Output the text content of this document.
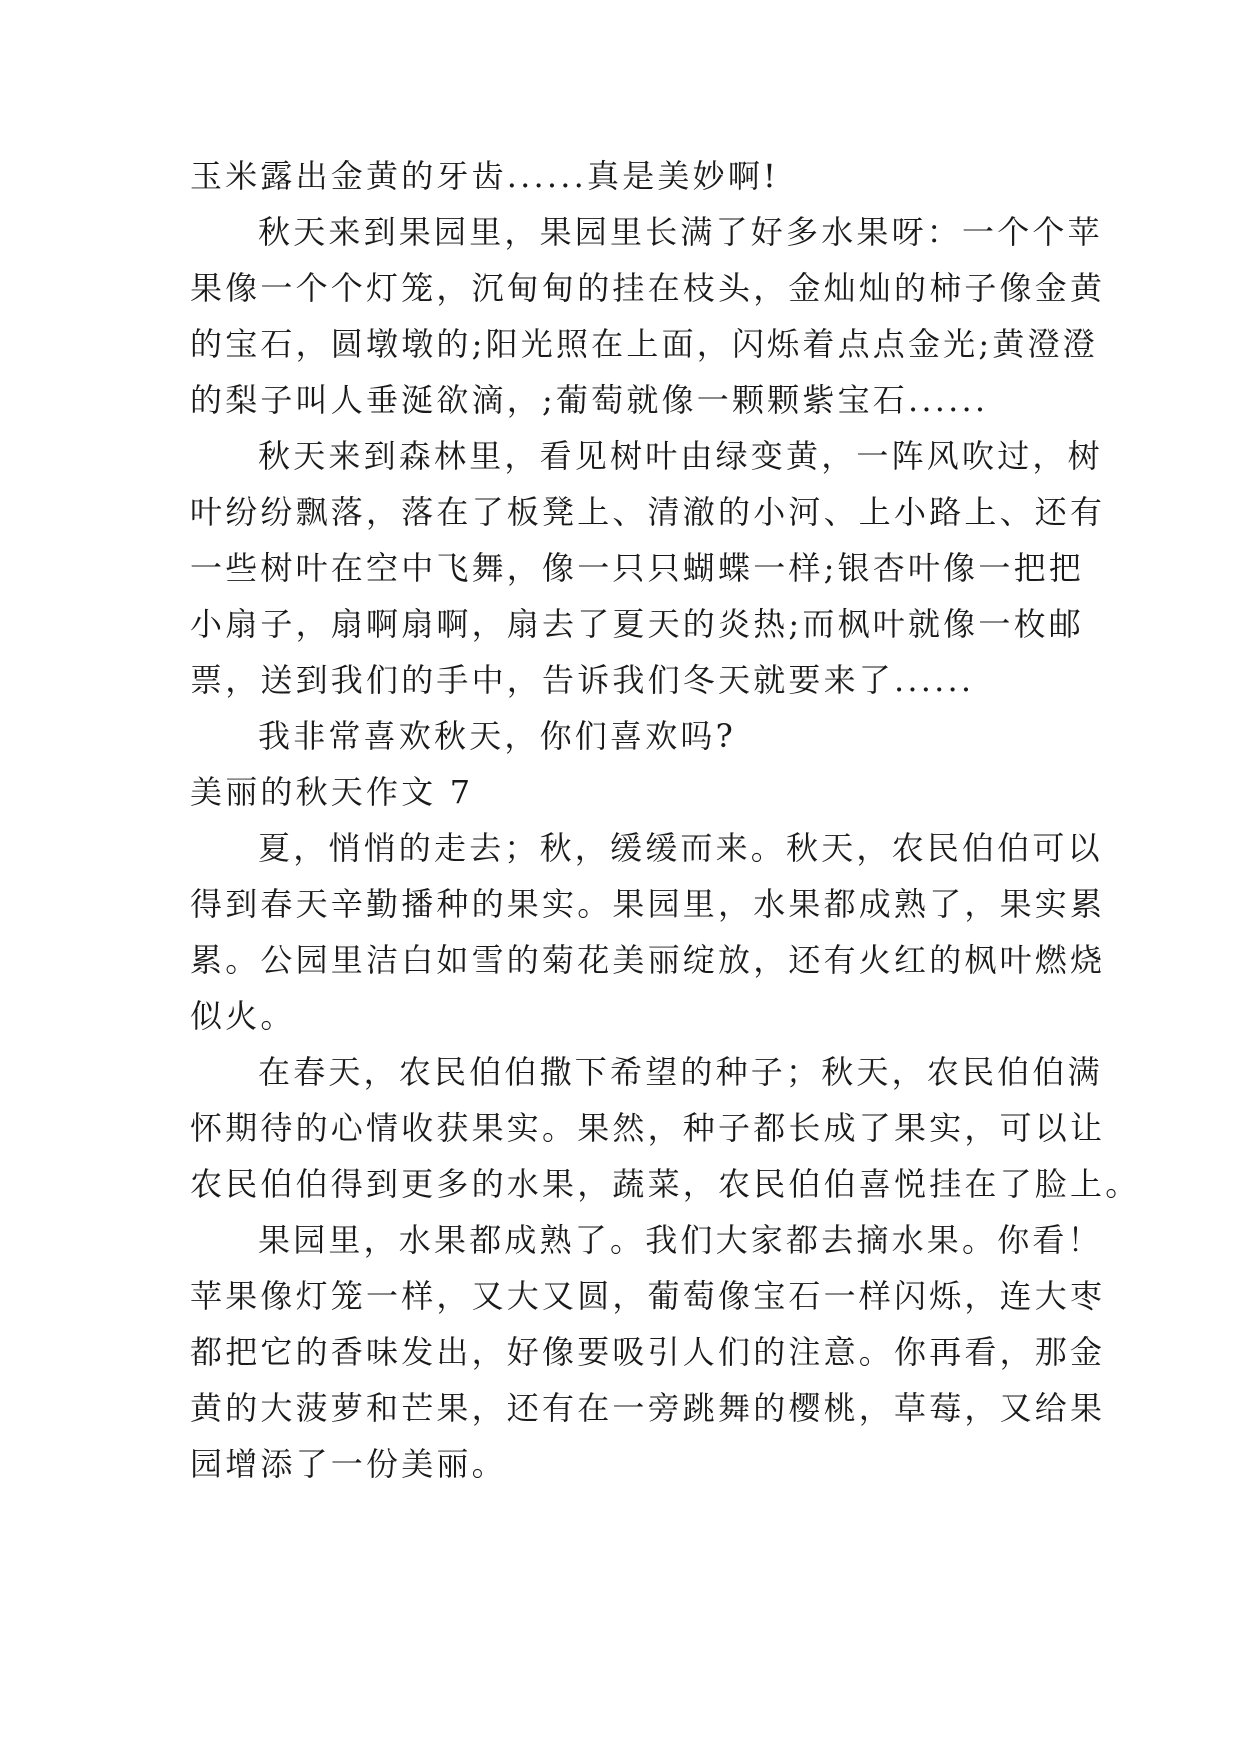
玉米露出金黄的牙齿......真是美妙啊!
秋天来到果园里，果园里长满了好多水果呀：一个个苹
果像一个个灯笼，沉甸甸的挂在枝头，金灿灿的柿子像金黄
的宝石，圆墩墩的;阳光照在上面，闪烁着点点金光;黄澄澄
的梨子叫人垂涎欲滴，;葡萄就像一颗颗紫宝石......
秋天来到森林里，看见树叶由绿变黄，一阵风吹过，树
叶纷纷飘落，落在了板凳上、清澈的小河、上小路上、还有
一些树叶在空中飞舞，像一只只蝴蝶一样;银杏叶像一把把
小扇子，扇啊扇啊，扇去了夏天的炎热;而枫叶就像一枚邮
票，送到我们的手中，告诉我们冬天就要来了......
我非常喜欢秋天，你们喜欢吗?
美丽的秋天作文 7
夏，悄悄的走去；秋，缓缓而来。秋天，农民伯伯可以
得到春天辛勤播种的果实。果园里，水果都成熟了，果实累
累。公园里洁白如雪的菊花美丽绽放，还有火红的枫叶燃烧
似火。
在春天，农民伯伯撒下希望的种子；秋天，农民伯伯满
怀期待的心情收获果实。果然，种子都长成了果实，可以让
农民伯伯得到更多的水果，蔬菜，农民伯伯喜悦挂在了脸上。
果园里，水果都成熟了。我们大家都去摘水果。你看！
苹果像灯笼一样，又大又圆，葡萄像宝石一样闪烁，连大枣
都把它的香味发出，好像要吸引人们的注意。你再看，那金
黄的大菠萝和芒果，还有在一旁跳舞的樱桃，草莓，又给果
园增添了一份美丽。
